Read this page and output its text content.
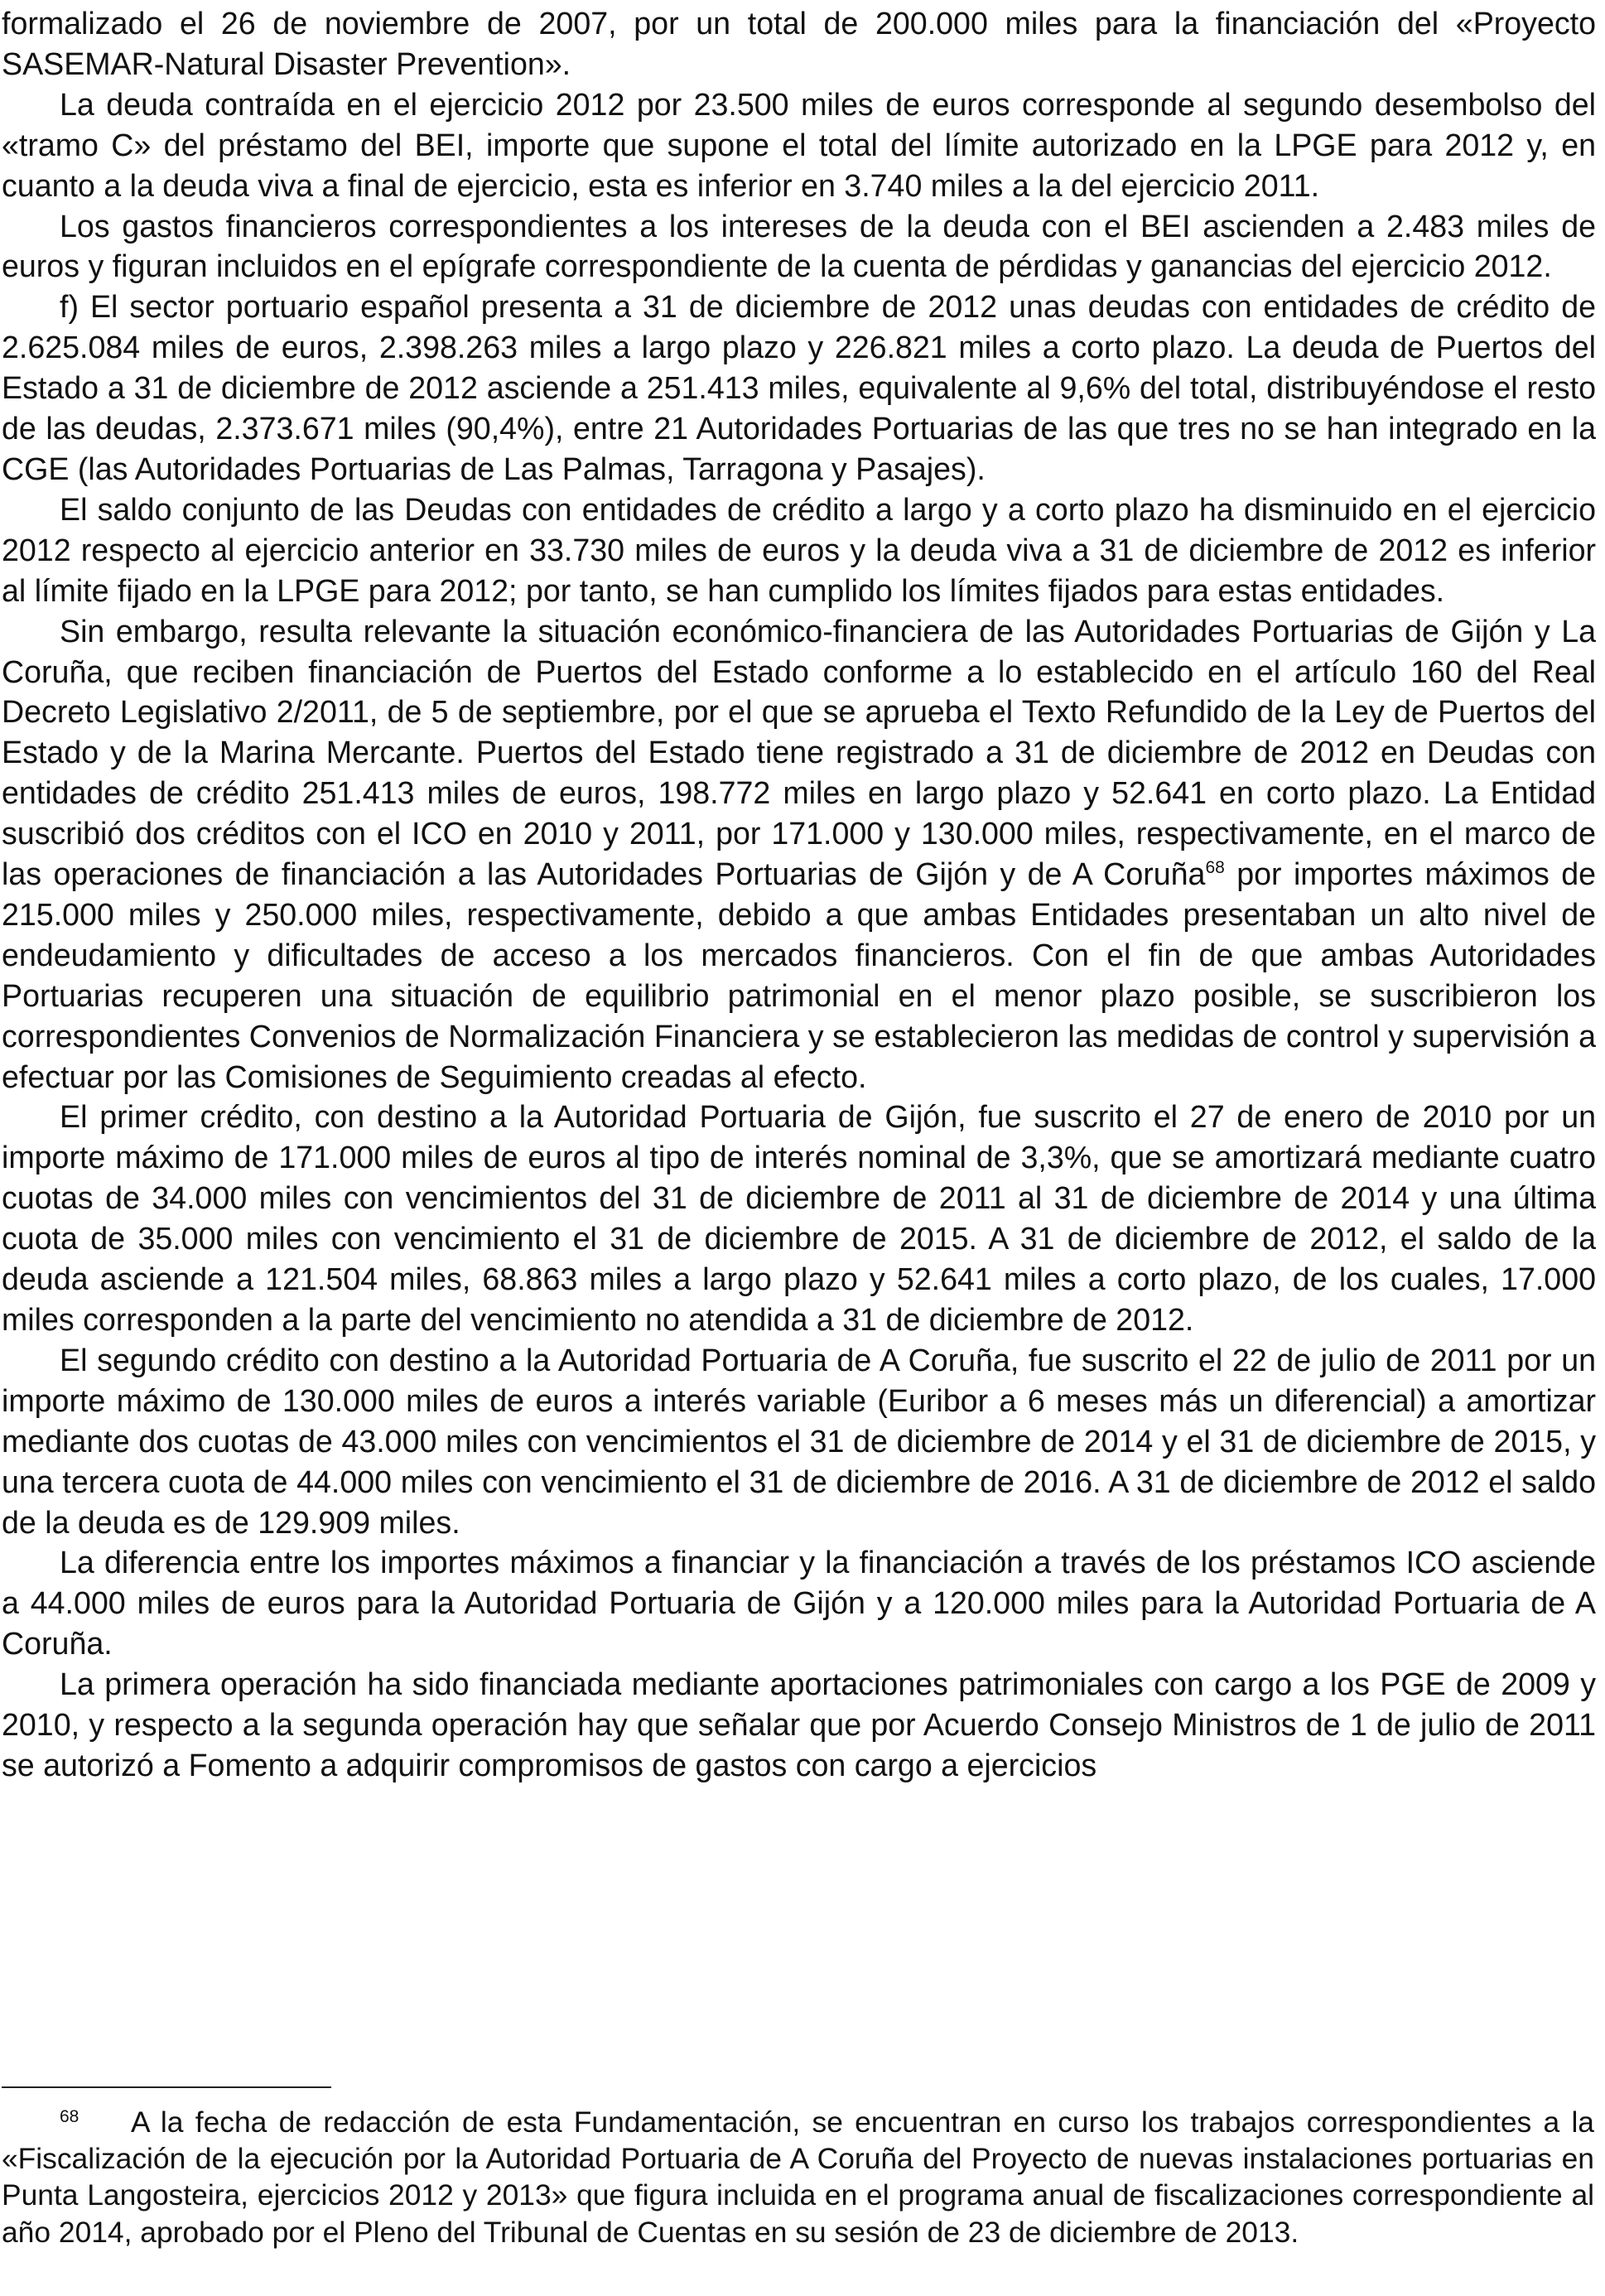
formalizado el 26 de noviembre de 2007, por un total de 200.000 miles para la financiación del «Proyecto SASEMAR-Natural Disaster Prevention».

La deuda contraída en el ejercicio 2012 por 23.500 miles de euros corresponde al segundo desembolso del «tramo C» del préstamo del BEI, importe que supone el total del límite autorizado en la LPGE para 2012 y, en cuanto a la deuda viva a final de ejercicio, esta es inferior en 3.740 miles a la del ejercicio 2011.

Los gastos financieros correspondientes a los intereses de la deuda con el BEI ascienden a 2.483 miles de euros y figuran incluidos en el epígrafe correspondiente de la cuenta de pérdidas y ganancias del ejercicio 2012.

f) El sector portuario español presenta a 31 de diciembre de 2012 unas deudas con entidades de crédito de 2.625.084 miles de euros, 2.398.263 miles a largo plazo y 226.821 miles a corto plazo. La deuda de Puertos del Estado a 31 de diciembre de 2012 asciende a 251.413 miles, equivalente al 9,6% del total, distribuyéndose el resto de las deudas, 2.373.671 miles (90,4%), entre 21 Autoridades Portuarias de las que tres no se han integrado en la CGE (las Autoridades Portuarias de Las Palmas, Tarragona y Pasajes).

El saldo conjunto de las Deudas con entidades de crédito a largo y a corto plazo ha disminuido en el ejercicio 2012 respecto al ejercicio anterior en 33.730 miles de euros y la deuda viva a 31 de diciembre de 2012 es inferior al límite fijado en la LPGE para 2012; por tanto, se han cumplido los límites fijados para estas entidades.

Sin embargo, resulta relevante la situación económico-financiera de las Autoridades Portuarias de Gijón y La Coruña, que reciben financiación de Puertos del Estado conforme a lo establecido en el artículo 160 del Real Decreto Legislativo 2/2011, de 5 de septiembre, por el que se aprueba el Texto Refundido de la Ley de Puertos del Estado y de la Marina Mercante. Puertos del Estado tiene registrado a 31 de diciembre de 2012 en Deudas con entidades de crédito 251.413 miles de euros, 198.772 miles en largo plazo y 52.641 en corto plazo. La Entidad suscribió dos créditos con el ICO en 2010 y 2011, por 171.000 y 130.000 miles, respectivamente, en el marco de las operaciones de financiación a las Autoridades Portuarias de Gijón y de A Coruña$^{68}$ por importes máximos de 215.000 miles y 250.000 miles, respectivamente, debido a que ambas Entidades presentaban un alto nivel de endeudamiento y dificultades de acceso a los mercados financieros. Con el fin de que ambas Autoridades Portuarias recuperen una situación de equilibrio patrimonial en el menor plazo posible, se suscribieron los correspondientes Convenios de Normalización Financiera y se establecieron las medidas de control y supervisión a efectuar por las Comisiones de Seguimiento creadas al efecto.

El primer crédito, con destino a la Autoridad Portuaria de Gijón, fue suscrito el 27 de enero de 2010 por un importe máximo de 171.000 miles de euros al tipo de interés nominal de 3,3%, que se amortizará mediante cuatro cuotas de 34.000 miles con vencimientos del 31 de diciembre de 2011 al 31 de diciembre de 2014 y una última cuota de 35.000 miles con vencimiento el 31 de diciembre de 2015. A 31 de diciembre de 2012, el saldo de la deuda asciende a 121.504 miles, 68.863 miles a largo plazo y 52.641 miles a corto plazo, de los cuales, 17.000 miles corresponden a la parte del vencimiento no atendida a 31 de diciembre de 2012.

El segundo crédito con destino a la Autoridad Portuaria de A Coruña, fue suscrito el 22 de julio de 2011 por un importe máximo de 130.000 miles de euros a interés variable (Euribor a 6 meses más un diferencial) a amortizar mediante dos cuotas de 43.000 miles con vencimientos el 31 de diciembre de 2014 y el 31 de diciembre de 2015, y una tercera cuota de 44.000 miles con vencimiento el 31 de diciembre de 2016. A 31 de diciembre de 2012 el saldo de la deuda es de 129.909 miles.

La diferencia entre los importes máximos a financiar y la financiación a través de los préstamos ICO asciende a 44.000 miles de euros para la Autoridad Portuaria de Gijón y a 120.000 miles para la Autoridad Portuaria de A Coruña.

La primera operación ha sido financiada mediante aportaciones patrimoniales con cargo a los PGE de 2009 y 2010, y respecto a la segunda operación hay que señalar que por Acuerdo Consejo Ministros de 1 de julio de 2011 se autorizó a Fomento a adquirir compromisos de gastos con cargo a ejercicios

68 A la fecha de redacción de esta Fundamentación, se encuentran en curso los trabajos correspondientes a la «Fiscalización de la ejecución por la Autoridad Portuaria de A Coruña del Proyecto de nuevas instalaciones portuarias en Punta Langosteira, ejercicios 2012 y 2013» que figura incluida en el programa anual de fiscalizaciones correspondiente al año 2014, aprobado por el Pleno del Tribunal de Cuentas en su sesión de 23 de diciembre de 2013.
